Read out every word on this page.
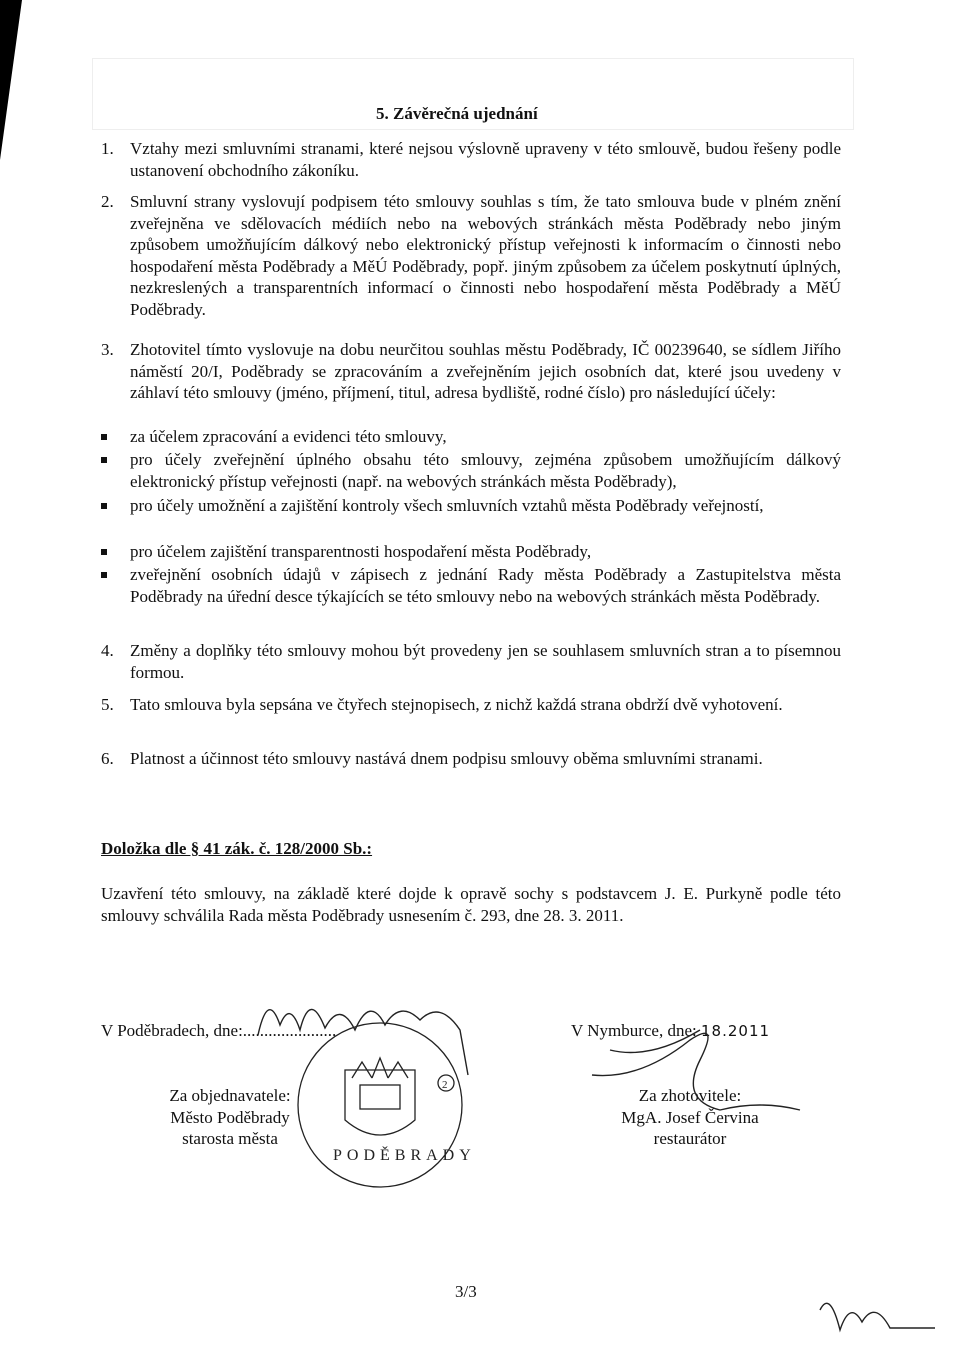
5. Závěrečná ujednání
1. Vztahy mezi smluvními stranami, které nejsou výslovně upraveny v této smlouvě, budou řešeny podle ustanovení obchodního zákoníku.
2. Smluvní strany vyslovují podpisem této smlouvy souhlas s tím, že tato smlouva bude v plném znění zveřejněna ve sdělovacích médiích nebo na webových stránkách města Poděbrady nebo jiným způsobem umožňujícím dálkový nebo elektronický přístup veřejnosti k informacím o činnosti nebo hospodaření města Poděbrady a MěÚ Poděbrady, popř. jiným způsobem za účelem poskytnutí úplných, nezkreslených a transparentních informací o činnosti nebo hospodaření města Poděbrady a MěÚ Poděbrady.
3. Zhotovitel tímto vyslovuje na dobu neurčitou souhlas městu Poděbrady, IČ 00239640, se sídlem Jiřího náměstí 20/I, Poděbrady se zpracováním a zveřejněním jejich osobních dat, které jsou uvedeny v záhlaví této smlouvy (jméno, příjmení, titul, adresa bydliště, rodné číslo) pro následující účely:
za účelem zpracování a evidenci této smlouvy,
pro účely zveřejnění úplného obsahu této smlouvy, zejména způsobem umožňujícím dálkový elektronický přístup veřejnosti (např. na webových stránkách města Poděbrady),
pro účely umožnění a zajištění kontroly všech smluvních vztahů města Poděbrady veřejností,
pro účelem zajištění transparentnosti hospodaření města Poděbrady,
zveřejnění osobních údajů v zápisech z jednání Rady města Poděbrady a Zastupitelstva města Poděbrady na úřední desce týkajících se této smlouvy nebo na webových stránkách města Poděbrady.
4. Změny a doplňky této smlouvy mohou být provedeny jen se souhlasem smluvních stran a to písemnou formou.
5. Tato smlouva byla sepsána ve čtyřech stejnopisech, z nichž každá strana obdrží dvě vyhotovení.
6. Platnost a účinnost této smlouvy nastává dnem podpisu smlouvy oběma smluvními stranami.
Doložka dle § 41 zák. č. 128/2000 Sb.:
Uzavření této smlouvy, na základě které dojde k opravě sochy s podstavcem J. E. Purkyně podle této smlouvy schválila Rada města Poděbrady usnesením č. 293, dne 28. 3. 2011.
V Poděbradech, dne:......................
Za objednavatele:
Město Poděbrady
starosta města
V Nymburce, dne: 18.2011
Za zhotovitele:
MgA. Josef Červina
restaurátor
2
PODĚBRADY
3/3
